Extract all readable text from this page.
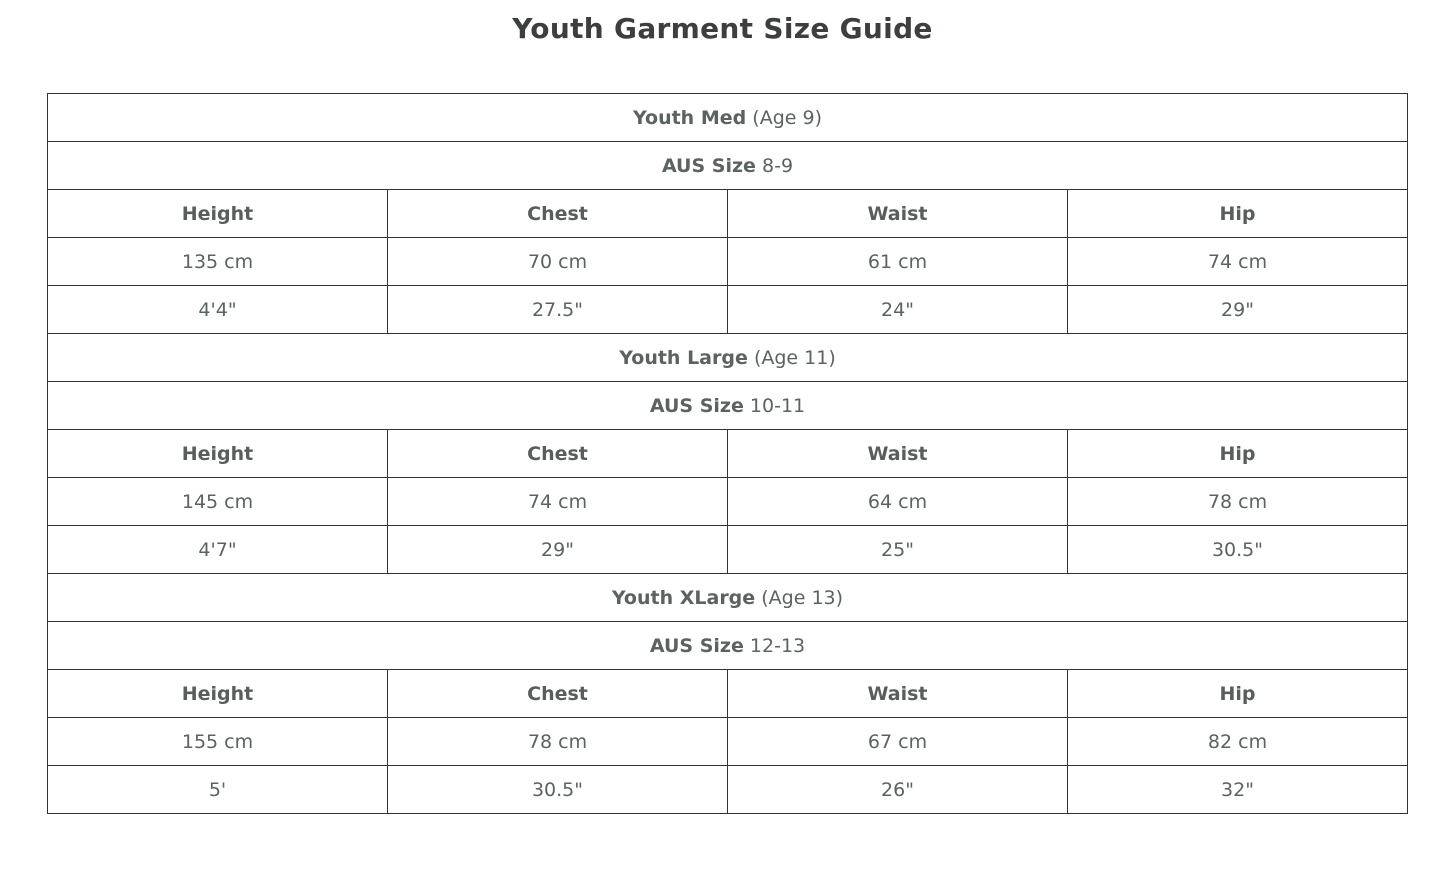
Youth Garment Size Guide
Youth Med (Age 9)			
AUS Size 8-9			
Height	Chest	Waist	Hip
135 cm	70 cm	61 cm	74 cm
4'4"	27.5"	24"	29"
Youth Large (Age 11)			
AUS Size 10-11			
Height	Chest	Waist	Hip
145 cm	74 cm	64 cm	78 cm
4'7"	29"	25"	30.5"
Youth XLarge (Age 13)			
AUS Size 12-13			
Height	Chest	Waist	Hip
155 cm	78 cm	67 cm	82 cm
5'	30.5"	26"	32"
